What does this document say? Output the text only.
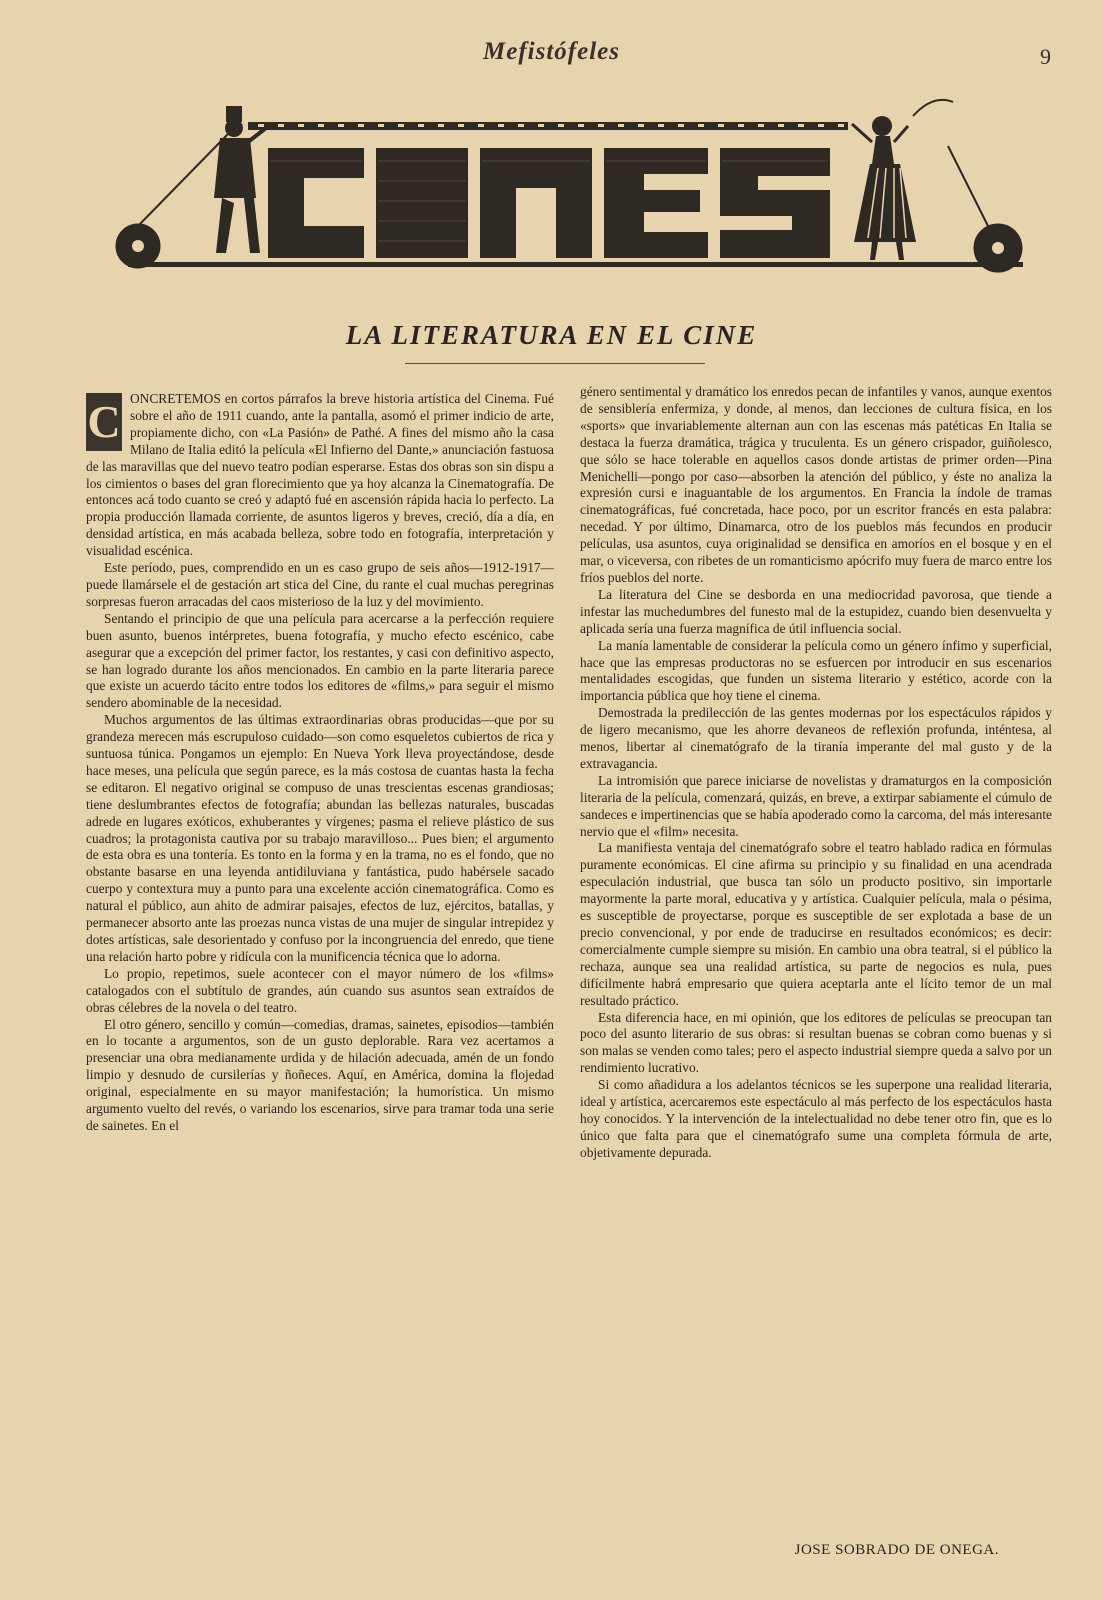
Mefistófeles	9
LA LITERATURA EN EL CINE
C ONCRETEMOS en cortos párrafos la breve historia artística del Cinema. Fué sobre el año de 1911 cuando, ante la pantalla, asomó el primer indicio de arte, propiamente dicho, con «La Pasión» de Pathé. A fines del mismo año la casa Milano de Italia editó la película «El Infierno del Dante,» anunciación fastuosa de las maravillas que del nuevo teatro podían esperarse. Estas dos obras son sin dispu a los cimientos o bases del gran florecimiento que ya hoy alcanza la Cinematografía. De entonces acá todo cuanto se creó y adaptó fué en ascensión rápida hacia lo perfecto. La propia producción llamada corriente, de asuntos ligeros y breves, creció, día a día, en densidad artística, en más acabada belleza, sobre todo en fotografía, interpretación y visualidad escénica.

Este período, pues, comprendido en un es caso grupo de seis años—1912-1917—puede llamársele el de gestación art stica del Cine, du rante el cual muchas peregrinas sorpresas fueron arracadas del caos misterioso de la luz y del movimiento.

Sentando el principio de que una película para acercarse a la perfección requiere buen asunto, buenos intérpretes, buena fotografía, y mucho efecto escénico, cabe asegurar que a excepción del primer factor, los restantes, y casi con definitivo aspecto, se han logrado durante los años mencionados. En cambio en la parte literaria parece que existe un acuerdo tácito entre todos los editores de «films,» para seguir el mismo sendero abominable de la necesidad.

Muchos argumentos de las últimas extraordinarias obras producidas—que por su grandeza merecen más escrupuloso cuidado—son como esqueletos cubiertos de rica y suntuosa túnica. Pongamos un ejemplo: En Nueva York lleva proyectándose, desde hace meses, una película que según parece, es la más costosa de cuantas hasta la fecha se editaron. El negativo original se compuso de unas trescientas escenas grandiosas; tiene deslumbrantes efectos de fotografía; abundan las bellezas naturales, buscadas adrede en lugares exóticos, exhuberantes y vírgenes; pasma el relieve plástico de sus cuadros; la protagonista cautiva por su trabajo maravilloso... Pues bien; el argumento de esta obra es una tontería. Es tonto en la forma y en la trama, no es el fondo, que no obstante basarse en una leyenda antidiluviana y fantástica, pudo habérsele sacado cuerpo y contextura muy a punto para una excelente acción cinematográfica. Como es natural el público, aun ahito de admirar paisajes, efectos de luz, ejércitos, batallas, y permanecer absorto ante las proezas nunca vistas de una mujer de singular intrepidez y dotes artísticas, sale desorientado y confuso por la incongruencia del enredo, que tiene una relación harto pobre y ridícula con la munificencia técnica que lo adorna.

Lo propio, repetimos, suele acontecer con el mayor número de los «films» catalogados con el subtítulo de grandes, aún cuando sus asuntos sean extraídos de obras célebres de la novela o del teatro.

El otro género, sencillo y común—comedias, dramas, sainetes, episodios—también en lo tocante a argumentos, son de un gusto deplorable. Rara vez acertamos a presenciar una obra medianamente urdida y de hilación adecuada, amén de un fondo limpio y desnudo de cursilerías y ñoñeces. Aquí, en América, domina la flojedad original, especialmente en su mayor manifestación; la humorística. Un mismo argumento vuelto del revés, o variando los escenarios, sirve para tramar toda una serie de sainetes. En el

género sentimental y dramático los enredos pecan de infantiles y vanos, aunque exentos de sensiblería enfermiza, y donde, al menos, dan lecciones de cultura física, en los «sports» que invariablemente alternan aun con las escenas más patéticas En Italia se destaca la fuerza dramática, trágica y truculenta. Es un género crispador, guiñolesco, que sólo se hace tolerable en aquellos casos donde artistas de primer orden—Pina Menichelli—pongo por caso—absorben la atención del público, y éste no analiza la expresión cursi e inaguantable de los argumentos. En Francia la índole de tramas cinematográficas, fué concretada, hace poco, por un escritor francés en esta palabra: necedad. Y por último, Dinamarca, otro de los pueblos más fecundos en producir películas, usa asuntos, cuya originalidad se densifica en amoríos en el bosque y en el mar, o viceversa, con ribetes de un romanticismo apócrifo muy fuera de marco entre los fríos pueblos del norte.

La literatura del Cine se desborda en una mediocridad pavorosa, que tiende a infestar las muchedumbres del funesto mal de la estupidez, cuando bien desenvuelta y aplicada sería una fuerza magnífica de útil influencia social.

La manía lamentable de considerar la película como un género ínfimo y superficial, hace que las empresas productoras no se esfuercen por introducir en sus escenarios mentalidades escogidas, que funden un sistema literario y estético, acorde con la importancia pública que hoy tiene el cinema.

Demostrada la predilección de las gentes modernas por los espectáculos rápidos y de ligero mecanismo, que les ahorre devaneos de reflexión profunda, inténtesa, al menos, libertar al cinematógrafo de la tiranía imperante del mal gusto y de la extravagancia.

La intromisión que parece iniciarse de novelistas y dramaturgos en la composición literaria de la película, comenzará, quizás, en breve, a extirpar sabiamente el cúmulo de sandeces e impertinencias que se había apoderado como la carcoma, del más interesante nervio que el «film» necesita.

La manifiesta ventaja del cinematógrafo sobre el teatro hablado radica en fórmulas puramente económicas. El cine afirma su principio y su finalidad en una acendrada especulación industrial, que busca tan sólo un producto positivo, sin importarle mayormente la parte moral, educativa y y artística. Cualquier película, mala o pésima, es susceptible de proyectarse, porque es susceptible de ser explotada a base de un precio convencional, y por ende de traducirse en resultados económicos; es decir: comercialmente cumple siempre su misión. En cambio una obra teatral, si el público la rechaza, aunque sea una realidad artística, su parte de negocios es nula, pues difícilmente habrá empresario que quiera aceptarla ante el lícito temor de un mal resultado práctico.

Esta diferencia hace, en mi opinión, que los editores de películas se preocupan tan poco del asunto literario de sus obras: si resultan buenas se cobran como buenas y si son malas se venden como tales; pero el aspecto industrial siempre queda a salvo por un rendimiento lucrativo.

Si como añadidura a los adelantos técnicos se les superpone una realidad literaria, ideal y artística, acercaremos este espectáculo al más perfecto de los espectáculos hasta hoy conocidos. Y la intervención de la intelectualidad no debe tener otro fin, que es lo único que falta para que el cinematógrafo sume una completa fórmula de arte, objetivamente depurada.

JOSE SOBRADO DE ONEGA.
